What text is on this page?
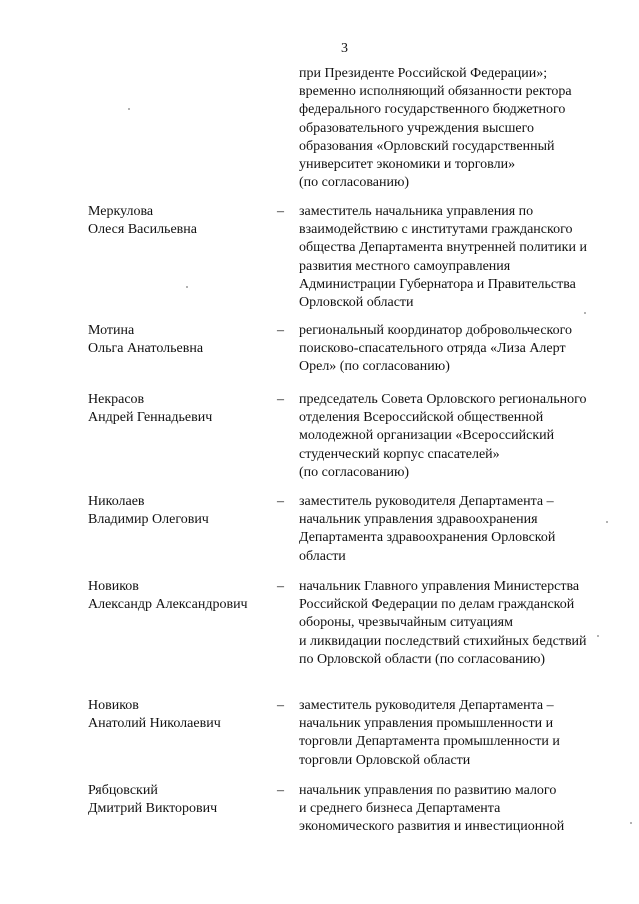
3
при Президенте Российской Федерации»;
временно исполняющий обязанности ректора
федерального государственного бюджетного
образовательного учреждения высшего
образования «Орловский государственный
университет экономики и торговли»
(по согласованию)
Меркулова
Олеся Васильевна
– заместитель начальника управления по
взаимодействию с институтами гражданского
общества Департамента внутренней политики и
развития местного самоуправления
Администрации Губернатора и Правительства
Орловской области
Мотина
Ольга Анатольевна
– региональный координатор добровольческого
поисково-спасательного отряда «Лиза Алерт
Орел» (по согласованию)
Некрасов
Андрей Геннадьевич
– председатель Совета Орловского регионального
отделения Всероссийской общественной
молодежной организации «Всероссийский
студенческий корпус спасателей»
(по согласованию)
Николаев
Владимир Олегович
– заместитель руководителя Департамента –
начальник управления здравоохранения
Департамента здравоохранения Орловской
области
Новиков
Александр Александрович
– начальник Главного управления Министерства
Российской Федерации по делам гражданской
обороны, чрезвычайным ситуациям
и ликвидации последствий стихийных бедствий
по Орловской области (по согласованию)
Новиков
Анатолий Николаевич
– заместитель руководителя Департамента –
начальник управления промышленности и
торговли Департамента промышленности и
торговли Орловской области
Рябцовский
Дмитрий Викторович
– начальник управления по развитию малого
и среднего бизнеса Департамента
экономического развития и инвестиционной
